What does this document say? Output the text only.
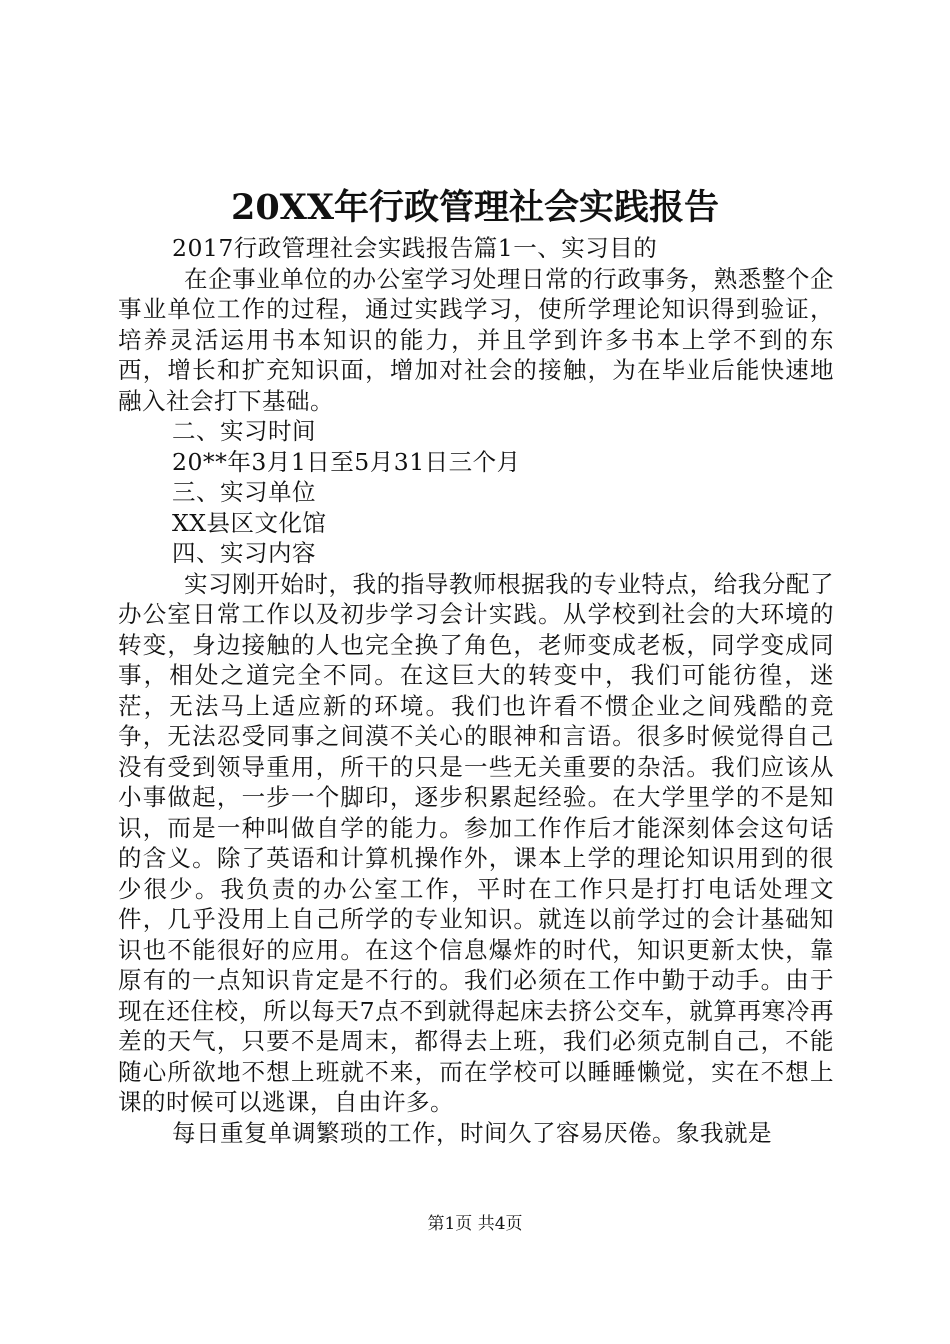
20XX年行政管理社会实践报告

2017行政管理社会实践报告篇1一、实习目的

在企事业单位的办公室学习处理日常的行政事务，熟悉整个企事业单位工作的过程，通过实践学习，使所学理论知识得到验证，培养灵活运用书本知识的能力，并且学到许多书本上学不到的东西，增长和扩充知识面，增加对社会的接触，为在毕业后能快速地融入社会打下基础。

二、实习时间

20**年3月1日至5月31日三个月

三、实习单位

XX县区文化馆

四、实习内容

实习刚开始时，我的指导教师根据我的专业特点，给我分配了办公室日常工作以及初步学习会计实践。从学校到社会的大环境的转变，身边接触的人也完全换了角色，老师变成老板，同学变成同事，相处之道完全不同。在这巨大的转变中，我们可能彷徨，迷茫，无法马上适应新的环境。我们也许看不惯企业之间残酷的竞争，无法忍受同事之间漠不关心的眼神和言语。很多时候觉得自己没有受到领导重用，所干的只是一些无关重要的杂活。我们应该从小事做起，一步一个脚印，逐步积累起经验。在大学里学的不是知识，而是一种叫做自学的能力。参加工作作后才能深刻体会这句话的含义。除了英语和计算机操作外，课本上学的理论知识用到的很少很少。我负责的办公室工作，平时在工作只是打打电话处理文件，几乎没用上自己所学的专业知识。就连以前学过的会计基础知识也不能很好的应用。在这个信息爆炸的时代，知识更新太快，靠原有的一点知识肯定是不行的。我们必须在工作中勤于动手。由于现在还住校，所以每天7点不到就得起床去挤公交车，就算再寒冷再差的天气，只要不是周末，都得去上班，我们必须克制自己，不能随心所欲地不想上班就不来，而在学校可以睡睡懒觉，实在不想上课的时候可以逃课，自由许多。

每日重复单调繁琐的工作，时间久了容易厌倦。象我就是

第1页 共4页
